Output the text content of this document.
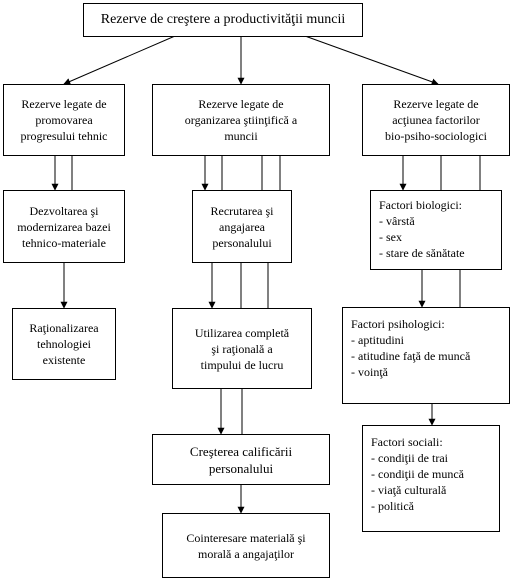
Rezerve de creştere a productivităţii muncii
Rezerve legate de
promovarea
progresului tehnic
Dezvoltarea şi
modernizarea bazei
tehnico-materiale
Raţionalizarea
tehnologiei
existente
Rezerve legate de
organizarea ştiinţifică a
muncii
Recrutarea şi
angajarea
personalului
Utilizarea completă
şi raţională a
timpului de lucru
Creşterea calificării
personalului
Cointeresare materială şi
morală a angajaţilor
Rezerve legate de
acţiunea factorilor
bio-psiho-sociologici
Factori biologici:
- vârstă
- sex
- stare de sănătate
Factori psihologici:
- aptitudini
- atitudine faţă de muncă
- voinţă
Factori sociali:
- condiţii de trai
- condiţii de muncă
- viaţă culturală
- politică
